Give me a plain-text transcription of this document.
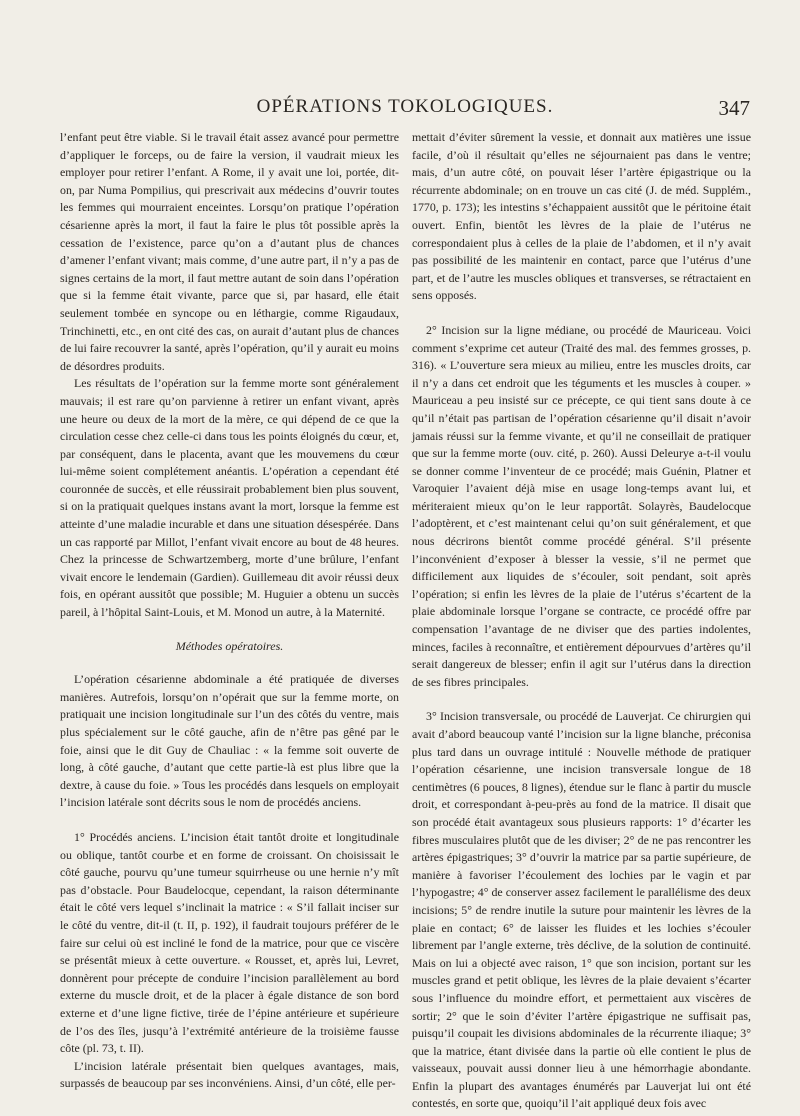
OPÉRATIONS TOKOLOGIQUES.	347

l’enfant peut être viable. Si le travail était assez avancé pour permettre d’appliquer le forceps, ou de faire la version, il vaudrait mieux les employer pour retirer l’enfant. A Rome, il y avait une loi, portée, dit-on, par Numa Pompilius, qui prescrivait aux médecins d’ouvrir toutes les femmes qui mourraient enceintes. Lorsqu’on pratique l’opération césarienne après la mort, il faut la faire le plus tôt possible après la cessation de l’existence, parce qu’on a d’autant plus de chances d’amener l’enfant vivant; mais comme, d’une autre part, il n’y a pas de signes certains de la mort, il faut mettre autant de soin dans l’opération que si la femme était vivante, parce que si, par hasard, elle était seulement tombée en syncope ou en léthargie, comme Rigaudaux, Trinchinetti, etc., en ont cité des cas, on aurait d’autant plus de chances de lui faire recouvrer la santé, après l’opération, qu’il y aurait eu moins de désordres produits.

Les résultats de l’opération sur la femme morte sont généralement mauvais; il est rare qu’on parvienne à retirer un enfant vivant, après une heure ou deux de la mort de la mère, ce qui dépend de ce que la circulation cesse chez celle-ci dans tous les points éloignés du cœur, et, par conséquent, dans le placenta, avant que les mouvemens du cœur lui-même soient complétement anéantis. L’opération a cependant été couronnée de succès, et elle réussirait probablement bien plus souvent, si on la pratiquait quelques instans avant la mort, lorsque la femme est atteinte d’une maladie incurable et dans une situation désespérée. Dans un cas rapporté par Millot, l’enfant vivait encore au bout de 48 heures. Chez la princesse de Schwartzemberg, morte d’une brûlure, l’enfant vivait encore le lendemain (Gardien). Guillemeau dit avoir réussi deux fois, en opérant aussitôt que possible; M. Huguier a obtenu un succès pareil, à l’hôpital Saint-Louis, et M. Monod un autre, à la Maternité.

Méthodes opératoires.

L’opération césarienne abdominale a été pratiquée de diverses manières. Autrefois, lorsqu’on n’opérait que sur la femme morte, on pratiquait une incision longitudinale sur l’un des côtés du ventre, mais plus spécialement sur le côté gauche, afin de n’être pas gêné par le foie, ainsi que le dit Guy de Chauliac : « la femme soit ouverte de long, à côté gauche, d’autant que cette partie-là est plus libre que la dextre, à cause du foie. » Tous les procédés dans lesquels on employait l’incision latérale sont décrits sous le nom de procédés anciens.

1° Procédés anciens. L’incision était tantôt droite et longitudinale ou oblique, tantôt courbe et en forme de croissant. On choisissait le côté gauche, pourvu qu’une tumeur squirrheuse ou une hernie n’y mît pas d’obstacle. Pour Baudelocque, cependant, la raison déterminante était le côté vers lequel s’inclinait la matrice : « S’il fallait inciser sur le côté du ventre, dit-il (t. II, p. 192), il faudrait toujours préférer de le faire sur celui où est incliné le fond de la matrice, pour que ce viscère se présentât mieux à cette ouverture. « Rousset, et, après lui, Levret, donnèrent pour précepte de conduire l’incision parallèlement au bord externe du muscle droit, et de la placer à égale distance de son bord externe et d’une ligne fictive, tirée de l’épine antérieure et supérieure de l’os des îles, jusqu’à l’extrémité antérieure de la troisième fausse côte (pl. 73, t. II).

L’incision latérale présentait bien quelques avantages, mais, surpassés de beaucoup par ses inconvéniens. Ainsi, d’un côté, elle per-

mettait d’éviter sûrement la vessie, et donnait aux matières une issue facile, d’où il résultait qu’elles ne séjournaient pas dans le ventre; mais, d’un autre côté, on pouvait léser l’artère épigastrique ou la récurrente abdominale; on en trouve un cas cité (J. de méd. Supplém., 1770, p. 173); les intestins s’échappaient aussitôt que le péritoine était ouvert. Enfin, bientôt les lèvres de la plaie de l’utérus ne correspondaient plus à celles de la plaie de l’abdomen, et il n’y avait pas possibilité de les maintenir en contact, parce que l’utérus d’une part, et de l’autre les muscles obliques et transverses, se rétractaient en sens opposés.

2° Incision sur la ligne médiane, ou procédé de Mauriceau. Voici comment s’exprime cet auteur (Traité des mal. des femmes grosses, p. 316). « L’ouverture sera mieux au milieu, entre les muscles droits, car il n’y a dans cet endroit que les téguments et les muscles à couper. » Mauriceau a peu insisté sur ce précepte, ce qui tient sans doute à ce qu’il n’était pas partisan de l’opération césarienne qu’il disait n’avoir jamais réussi sur la femme vivante, et qu’il ne conseillait de pratiquer que sur la femme morte (ouv. cité, p. 260). Aussi Deleurye a-t-il voulu se donner comme l’inventeur de ce procédé; mais Guénin, Platner et Varoquier l’avaient déjà mise en usage long-temps avant lui, et mériteraient mieux qu’on le leur rapportât. Solayrès, Baudelocque l’adoptèrent, et c’est maintenant celui qu’on suit généralement, et que nous décrirons bientôt comme procédé général. S’il présente l’inconvénient d’exposer à blesser la vessie, s’il ne permet que difficilement aux liquides de s’écouler, soit pendant, soit après l’opération; si enfin les lèvres de la plaie de l’utérus s’écartent de la plaie abdominale lorsque l’organe se contracte, ce procédé offre par compensation l’avantage de ne diviser que des parties indolentes, minces, faciles à reconnaître, et entièrement dépourvues d’artères qu’il serait dangereux de blesser; enfin il agit sur l’utérus dans la direction de ses fibres principales.

3° Incision transversale, ou procédé de Lauverjat. Ce chirurgien qui avait d’abord beaucoup vanté l’incision sur la ligne blanche, préconisa plus tard dans un ouvrage intitulé : Nouvelle méthode de pratiquer l’opération césarienne, une incision transversale longue de 18 centimètres (6 pouces, 8 lignes), étendue sur le flanc à partir du muscle droit, et correspondant à-peu-près au fond de la matrice. Il disait que son procédé était avantageux sous plusieurs rapports: 1° d’écarter les fibres musculaires plutôt que de les diviser; 2° de ne pas rencontrer les artères épigastriques; 3° d’ouvrir la matrice par sa partie supérieure, de manière à favoriser l’écoulement des lochies par le vagin et par l’hypogastre; 4° de conserver assez facilement le parallélisme des deux incisions; 5° de rendre inutile la suture pour maintenir les lèvres de la plaie en contact; 6° de laisser les fluides et les lochies s’écouler librement par l’angle externe, très déclive, de la solution de continuité. Mais on lui a objecté avec raison, 1° que son incision, portant sur les muscles grand et petit oblique, les lèvres de la plaie devaient s’écarter sous l’influence du moindre effort, et permettaient aux viscères de sortir; 2° que le soin d’éviter l’artère épigastrique ne suffisait pas, puisqu’il coupait les divisions abdominales de la récurrente iliaque; 3° que la matrice, étant divisée dans la partie où elle contient le plus de vaisseaux, pouvait aussi donner lieu à une hémorrhagie abondante. Enfin la plupart des avantages énumérés par Lauverjat lui ont été contestés, en sorte que, quoiqu’il l’ait appliqué deux fois avec
